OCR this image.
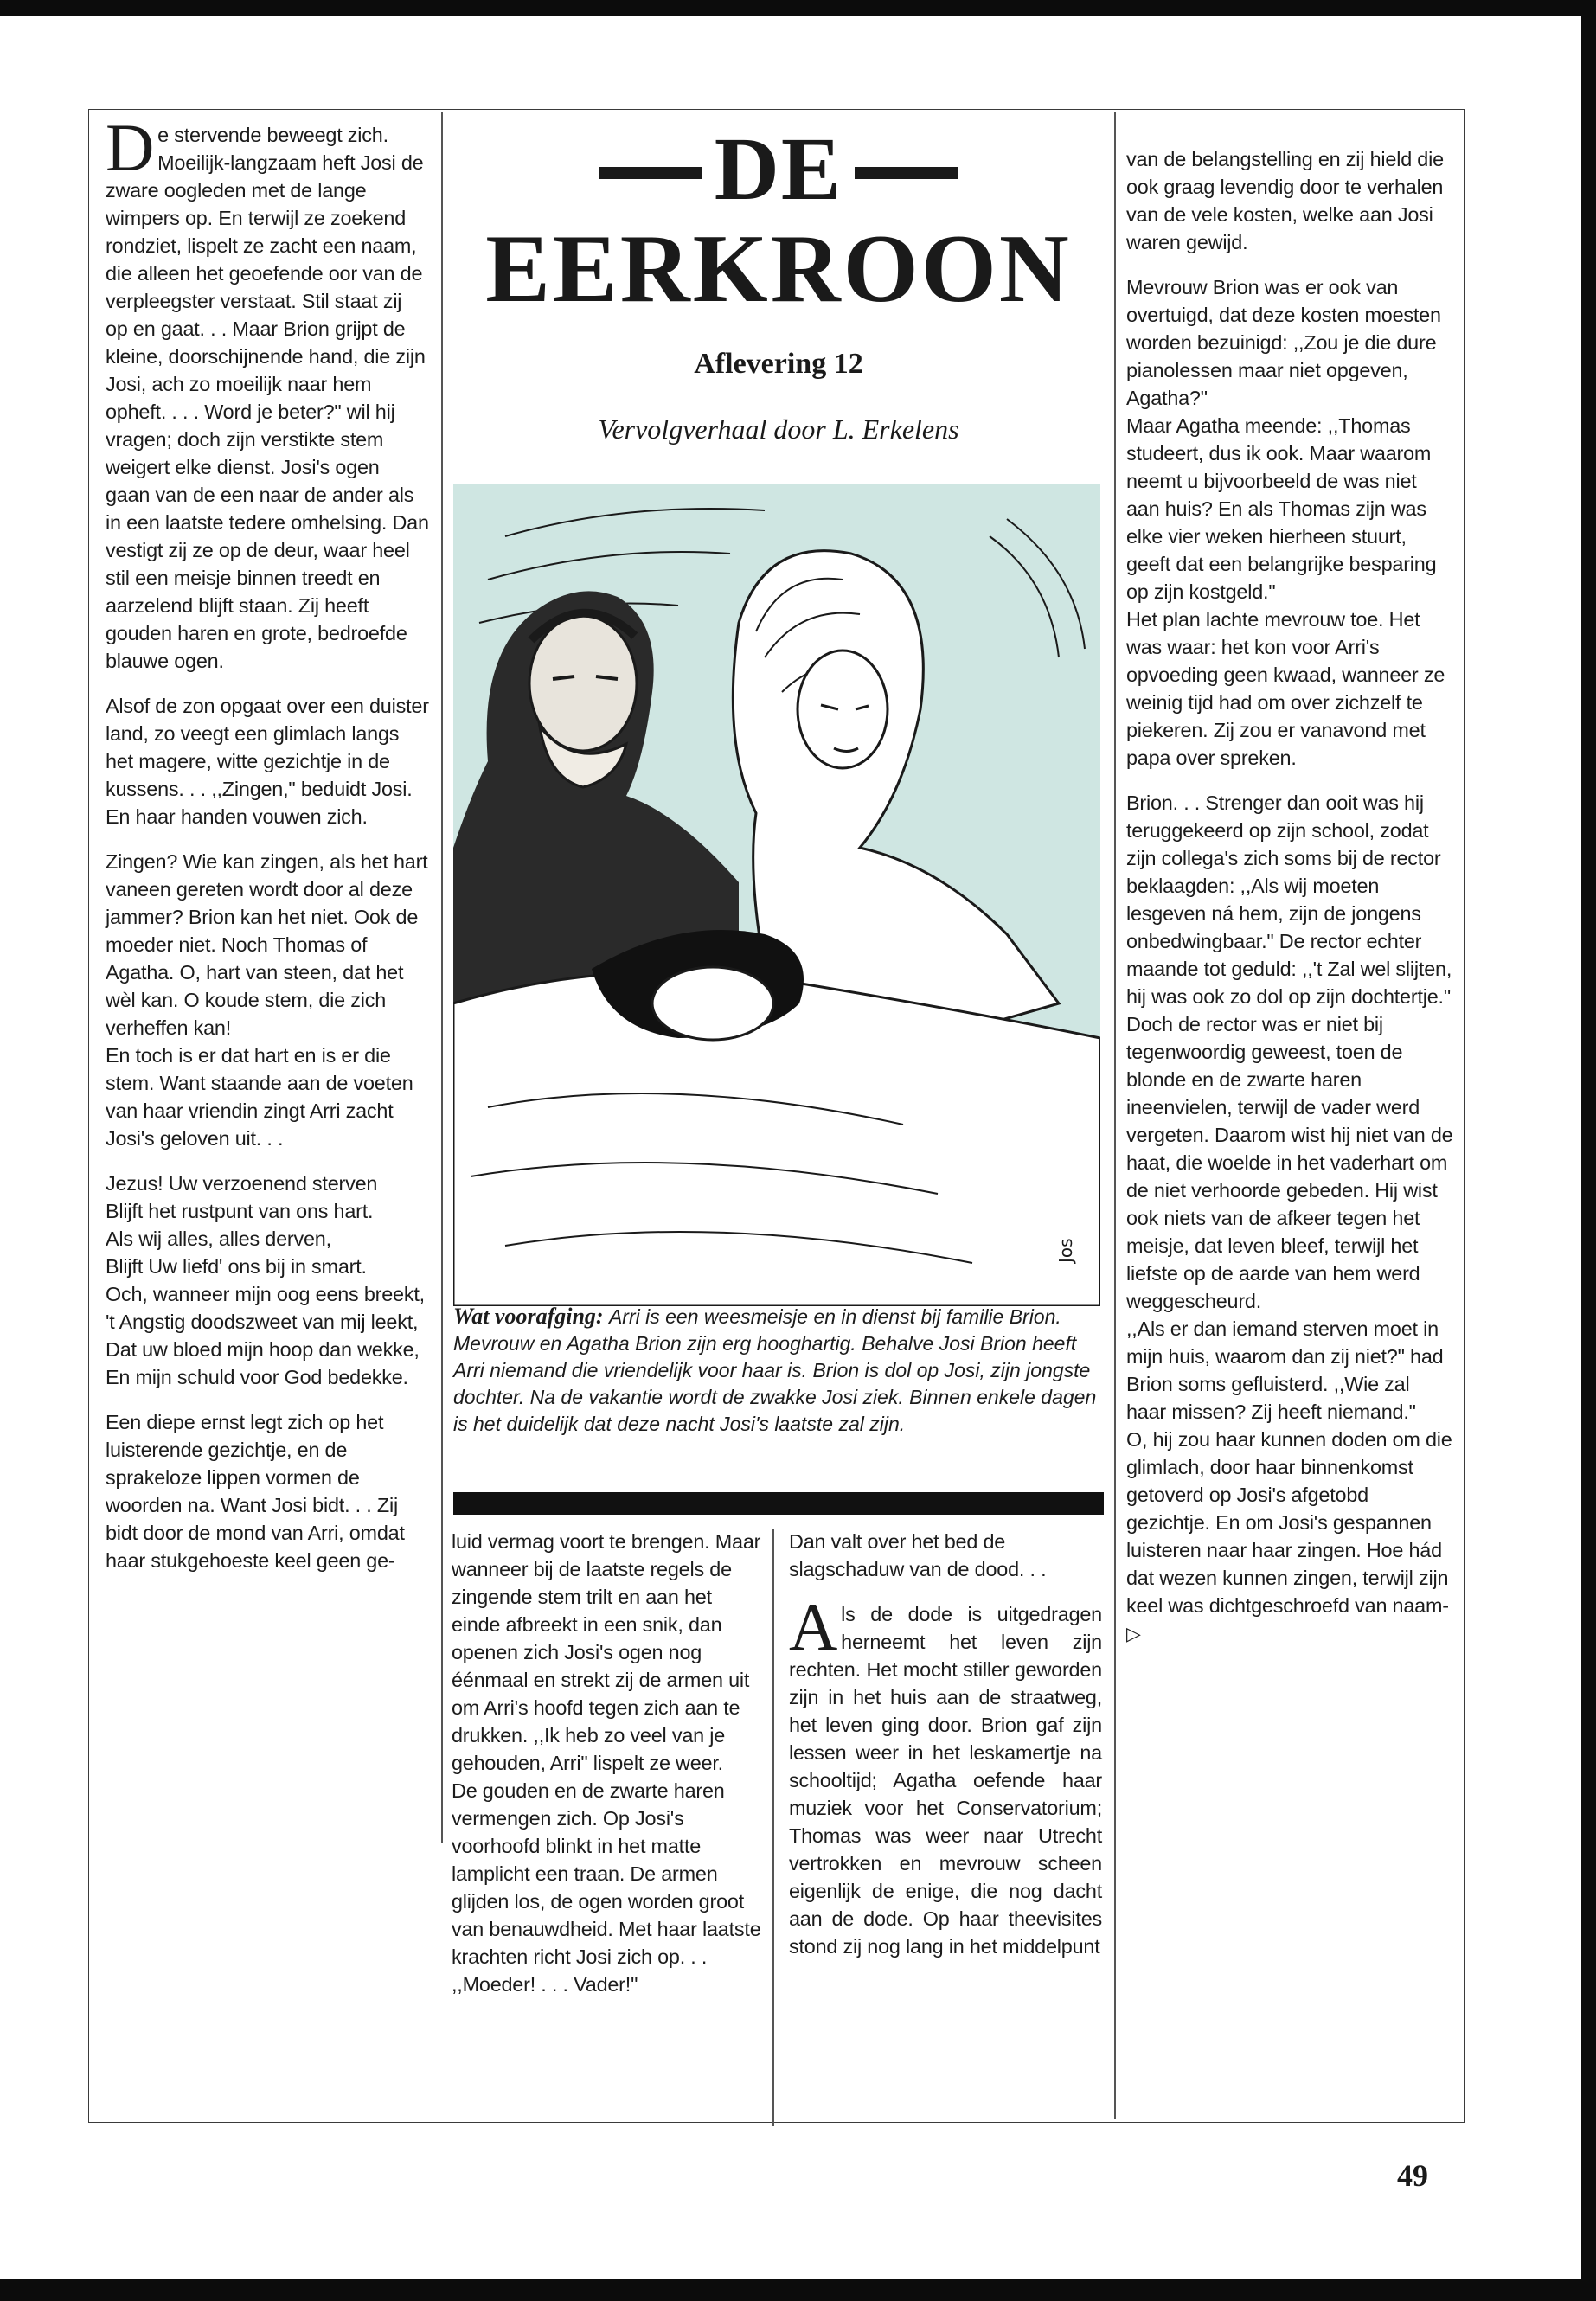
DE
EERKROON
Aflevering 12
Vervolgverhaal door L. Erkelens
Jos
Wat voorafging: Arri is een weesmeisje en in dienst bij familie Brion. Mevrouw en Agatha Brion zijn erg hooghartig. Behalve Josi Brion heeft Arri niemand die vriendelijk voor haar is. Brion is dol op Josi, zijn jongste dochter. Na de vakantie wordt de zwakke Josi ziek. Binnen enkele dagen is het duidelijk dat deze nacht Josi's laatste zal zijn.

De stervende beweegt zich. Moeilijk-langzaam heft Josi de zware oogleden met de lange wimpers op. En terwijl ze zoekend rondziet, lispelt ze zacht een naam, die alleen het geoefende oor van de verpleegster verstaat. Stil staat zij op en gaat. . . Maar Brion grijpt de kleine, doorschijnende hand, die zijn Josi, ach zo moeilijk naar hem opheft. . . . Word je beter?" wil hij vragen; doch zijn verstikte stem weigert elke dienst. Josi's ogen gaan van de een naar de ander als in een laatste tedere omhelsing. Dan vestigt zij ze op de deur, waar heel stil een meisje binnen treedt en aarzelend blijft staan. Zij heeft gouden haren en grote, bedroefde blauwe ogen.

Alsof de zon opgaat over een duister land, zo veegt een glimlach langs het magere, witte gezichtje in de kussens. . . ,,Zingen," beduidt Josi. En haar handen vouwen zich.

Zingen? Wie kan zingen, als het hart vaneen gereten wordt door al deze jammer? Brion kan het niet. Ook de moeder niet. Noch Thomas of Agatha. O, hart van steen, dat het wèl kan. O koude stem, die zich verheffen kan!

En toch is er dat hart en is er die stem. Want staande aan de voeten van haar vriendin zingt Arri zacht Josi's geloven uit. . .

Jezus! Uw verzoenend sterven

Blijft het rustpunt van ons hart.

Als wij alles, alles derven,

Blijft Uw liefd' ons bij in smart.

Och, wanneer mijn oog eens breekt,

't Angstig doodszweet van mij leekt,

Dat uw bloed mijn hoop dan wekke,

En mijn schuld voor God bedekke.

Een diepe ernst legt zich op het luisterende gezichtje, en de sprakeloze lippen vormen de woorden na. Want Josi bidt. . . Zij bidt door de mond van Arri, omdat haar stukgehoeste keel geen ge-

luid vermag voort te brengen. Maar wanneer bij de laatste regels de zingende stem trilt en aan het einde afbreekt in een snik, dan openen zich Josi's ogen nog éénmaal en strekt zij de armen uit om Arri's hoofd tegen zich aan te drukken. ,,Ik heb zo veel van je gehouden, Arri" lispelt ze weer.

De gouden en de zwarte haren vermengen zich. Op Josi's voorhoofd blinkt in het matte lamplicht een traan. De armen glijden los, de ogen worden groot van benauwdheid. Met haar laatste krachten richt Josi zich op. . . ,,Moeder! . . . Vader!"

Dan valt over het bed de slagschaduw van de dood. . .

Als de dode is uitgedragen herneemt het leven zijn rechten. Het mocht stiller geworden zijn in het huis aan de straatweg, het leven ging door. Brion gaf zijn lessen weer in het leskamertje na schooltijd; Agatha oefende haar muziek voor het Conservatorium; Thomas was weer naar Utrecht vertrokken en mevrouw scheen eigenlijk de enige, die nog dacht aan de dode. Op haar theevisites stond zij nog lang in het middelpunt

van de belangstelling en zij hield die ook graag levendig door te verhalen van de vele kosten, welke aan Josi waren gewijd.

Mevrouw Brion was er ook van overtuigd, dat deze kosten moesten worden bezuinigd: ,,Zou je die dure pianolessen maar niet opgeven, Agatha?"

Maar Agatha meende: ,,Thomas studeert, dus ik ook. Maar waarom neemt u bijvoorbeeld de was niet aan huis? En als Thomas zijn was elke vier weken hierheen stuurt, geeft dat een belangrijke besparing op zijn kostgeld."

Het plan lachte mevrouw toe. Het was waar: het kon voor Arri's opvoeding geen kwaad, wanneer ze weinig tijd had om over zichzelf te piekeren. Zij zou er vanavond met papa over spreken.

Brion. . . Strenger dan ooit was hij teruggekeerd op zijn school, zodat zijn collega's zich soms bij de rector beklaagden: ,,Als wij moeten lesgeven ná hem, zijn de jongens onbedwingbaar." De rector echter maande tot geduld: ,,'t Zal wel slijten, hij was ook zo dol op zijn dochtertje."

Doch de rector was er niet bij tegenwoordig geweest, toen de blonde en de zwarte haren ineenvielen, terwijl de vader werd vergeten. Daarom wist hij niet van de haat, die woelde in het vaderhart om de niet verhoorde gebeden. Hij wist ook niets van de afkeer tegen het meisje, dat leven bleef, terwijl het liefste op de aarde van hem werd weggescheurd.

,,Als er dan iemand sterven moet in mijn huis, waarom dan zij niet?" had Brion soms gefluisterd. ,,Wie zal haar missen? Zij heeft niemand."

O, hij zou haar kunnen doden om die glimlach, door haar binnenkomst getoverd op Josi's afgetobd gezichtje. En om Josi's gespannen luisteren naar haar zingen. Hoe hád dat wezen kunnen zingen, terwijl zijn keel was dichtgeschroefd van naam-▷

49
